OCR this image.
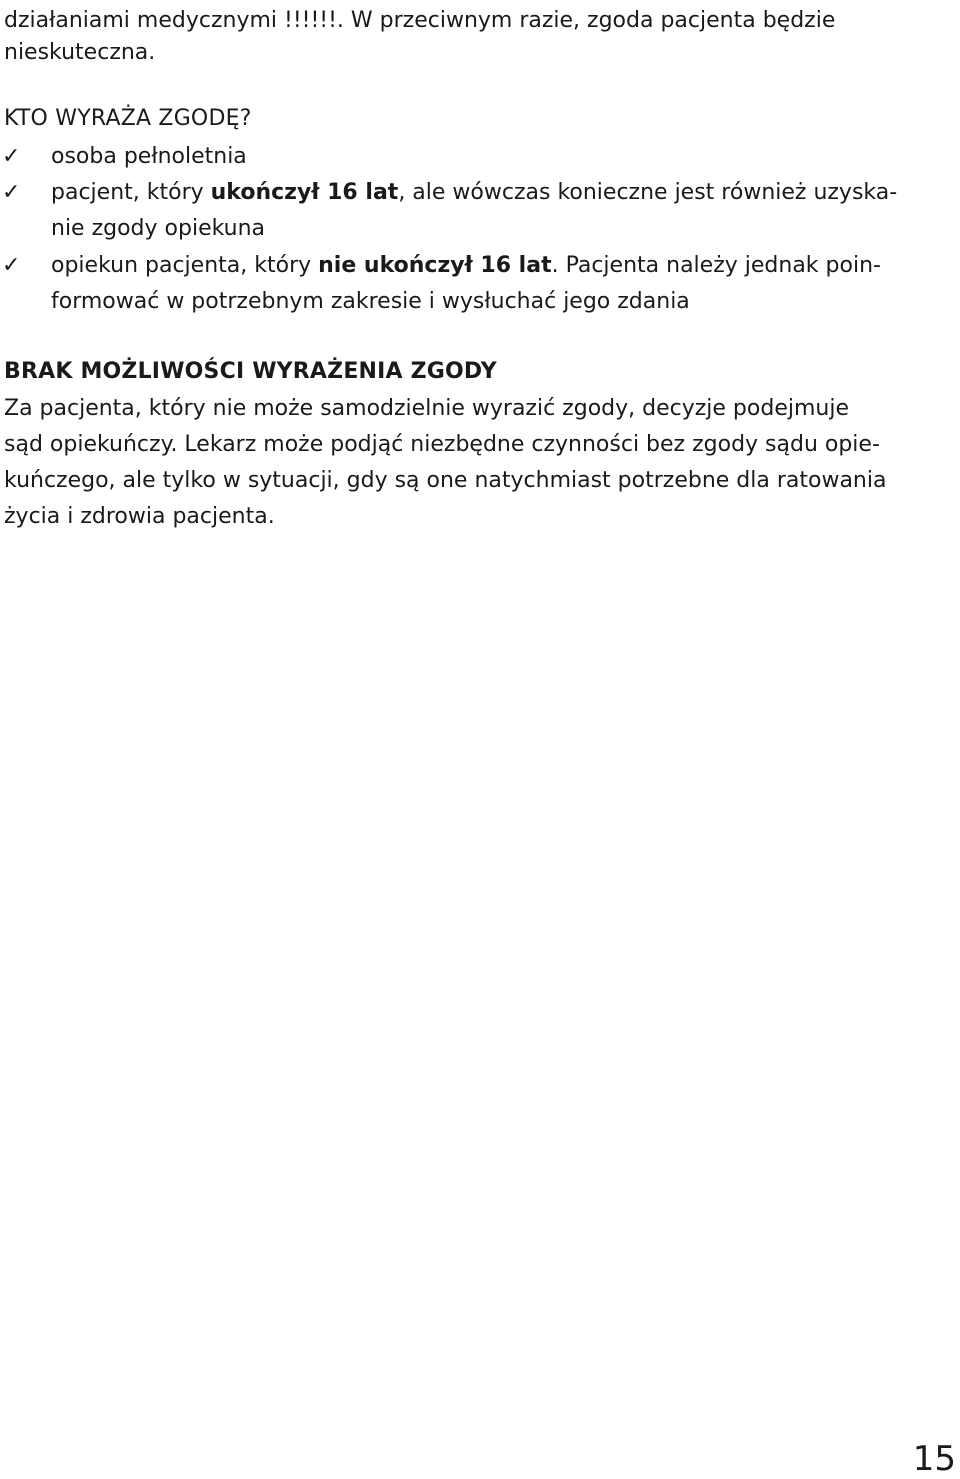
działaniami medycznymi !!!!!!. W przeciwnym razie, zgoda pacjenta będzie
nieskuteczna.
KTO WYRAŻA ZGODĘ?
✓ osoba pełnoletnia
✓ pacjent, który ukończył 16 lat, ale wówczas konieczne jest również uzyska-
nie zgody opiekuna
✓ opiekun pacjenta, który nie ukończył 16 lat. Pacjenta należy jednak poin-
formować w potrzebnym zakresie i wysłuchać jego zdania
BRAK MOŻLIWOŚCI WYRAŻENIA ZGODY
Za pacjenta, który nie może samodzielnie wyrazić zgody, decyzje podejmuje
sąd opiekuńczy. Lekarz może podjąć niezbędne czynności bez zgody sądu opie-
kuńczego, ale tylko w sytuacji, gdy są one natychmiast potrzebne dla ratowania
życia i zdrowia pacjenta.
15
